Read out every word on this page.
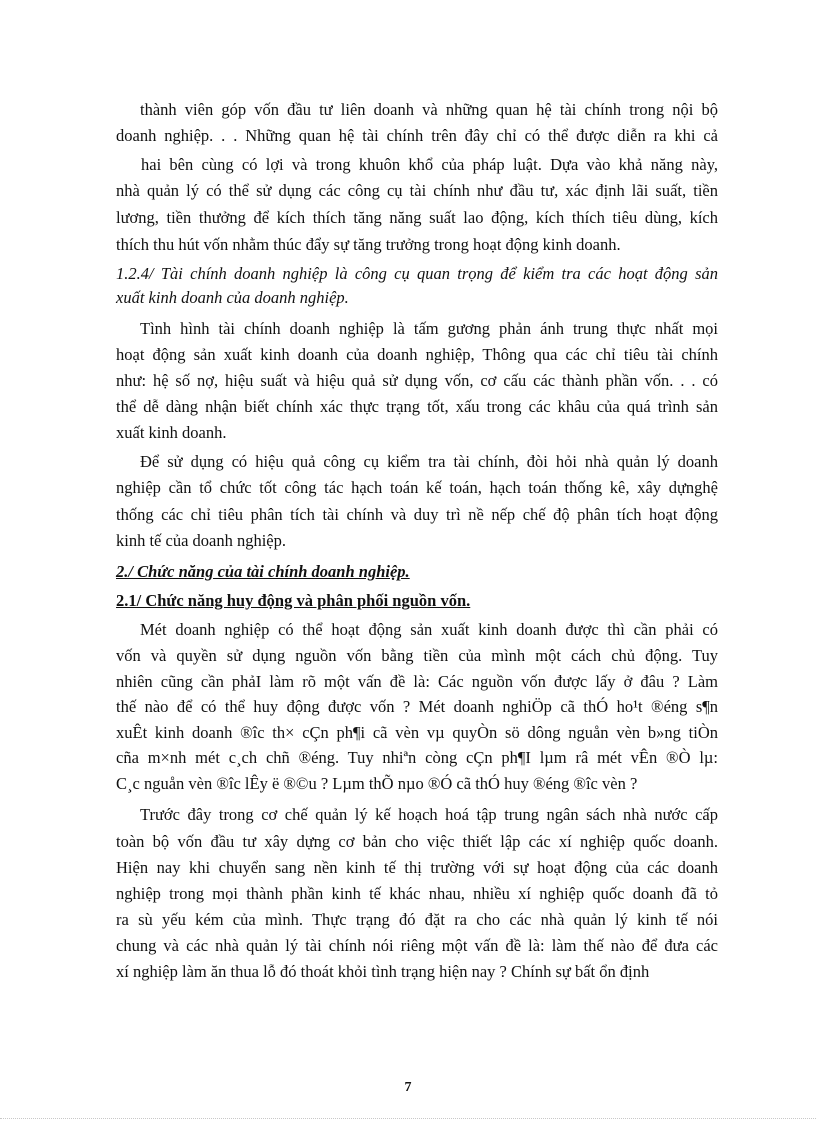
thành viên góp vốn đầu tư liên doanh và những quan hệ tài chính trong nội bộ
doanh nghiệp. . . Những quan hệ tài chính trên đây chỉ có thể được diễn ra khi cả
hai bên cùng có lợi và trong khuôn khổ của pháp luật. Dựa vào khả năng này,
nhà quản lý có thể sử dụng các công cụ tài chính như đầu tư, xác định lãi suất, tiền
lương, tiền thưởng để kích thích tăng năng suất lao động, kích thích tiêu dùng, kích
thích thu hút vốn nhằm thúc đẩy sự tăng trưởng trong hoạt động kinh doanh.
1.2.4/ Tài chính doanh nghiệp là công cụ quan trọng để kiểm tra các hoạt động sản
xuất kinh doanh của doanh nghiệp.
Tình hình tài chính doanh nghiệp là tấm gương phản ánh trung thực nhất mọi
hoạt động sản xuất kinh doanh của doanh nghiệp, Thông qua các chỉ tiêu tài chính
như: hệ số nợ, hiệu suất và hiệu quả sử dụng vốn, cơ cấu các thành phần vốn. . . có
thể dễ dàng nhận biết chính xác thực trạng tốt, xấu trong các khâu của quá trình sản
xuất kinh doanh.
Để sử dụng có hiệu quả công cụ kiểm tra tài chính, đòi hỏi nhà quản lý doanh
nghiệp cần tổ chức tốt công tác hạch toán kế toán, hạch toán thống kê, xây dựnghệ
thống các chỉ tiêu phân tích tài chính và duy trì nề nếp chế độ phân tích hoạt động
kinh tế của doanh nghiệp.
2./ Chức năng của tài chính doanh nghiệp.
2.1/ Chức năng huy động và phân phối nguồn vốn.
Mét doanh nghiệp có thể hoạt động sản xuất kinh doanh được thì cần phải có
vốn và quyền sử dụng nguồn vốn bằng tiền của mình một cách chủ động. Tuy
nhiên cũng cần phảI làm rõ một vấn đề là: Các nguồn vốn được lấy ở đâu ? Làm
thế nào để có thể huy động được vốn ? Mét doanh nghiÖp cã thÓ ho¹t ®éng s¶n
xuÊt kinh doanh ®îc th× cÇn ph¶i cã vèn vµ quyÒn sö dông nguån vèn b»ng tiÒn
cña m×nh mét c¸ch chñ ®éng. Tuy nhiªn còng cÇn ph¶I lµm râ mét vÊn ®Ò lµ:
C¸c nguån vèn ®îc lÊy ë ®©u ? Lµm thÕ nµo ®Ó cã thÓ huy ®éng ®îc vèn ?
Trước đây trong cơ chế quản lý kế hoạch hoá tập trung ngân sách nhà nước cấp
toàn bộ vốn đầu tư xây dựng cơ bản cho việc thiết lập các xí nghiệp quốc doanh.
Hiện nay khi chuyển sang nền kinh tế thị trường với sự hoạt động của các doanh
nghiệp trong mọi thành phần kinh tế khác nhau, nhiều xí nghiệp quốc doanh đã tỏ
ra sù yếu kém của mình. Thực trạng đó đặt ra cho các nhà quản lý kinh tế nói
chung và các nhà quản lý tài chính nói riêng một vấn đề là: làm thế nào để đưa các
xí nghiệp làm ăn thua lỗ đó thoát khỏi tình trạng hiện nay ? Chính sự bất ổn định
7
